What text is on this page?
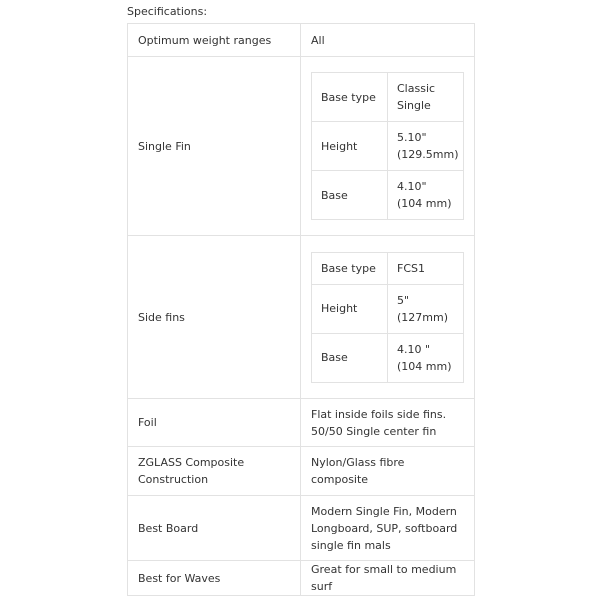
Specifications:
Optimum weight ranges	All
Single Fin	
Base type	Classic Single
Height	5.10" (129.5mm)
Base	4.10" (104 mm)

Side fins	
Base type	FCS1
Height	5" (127mm)
Base	4.10 " (104 mm)

Foil	Flat inside foils side fins. 50/50 Single center fin
ZGLASS Composite Construction	Nylon/Glass fibre composite
Best Board	Modern Single Fin, Modern Longboard, SUP, softboard single fin mals
Best for Waves	Great for small to medium surf
